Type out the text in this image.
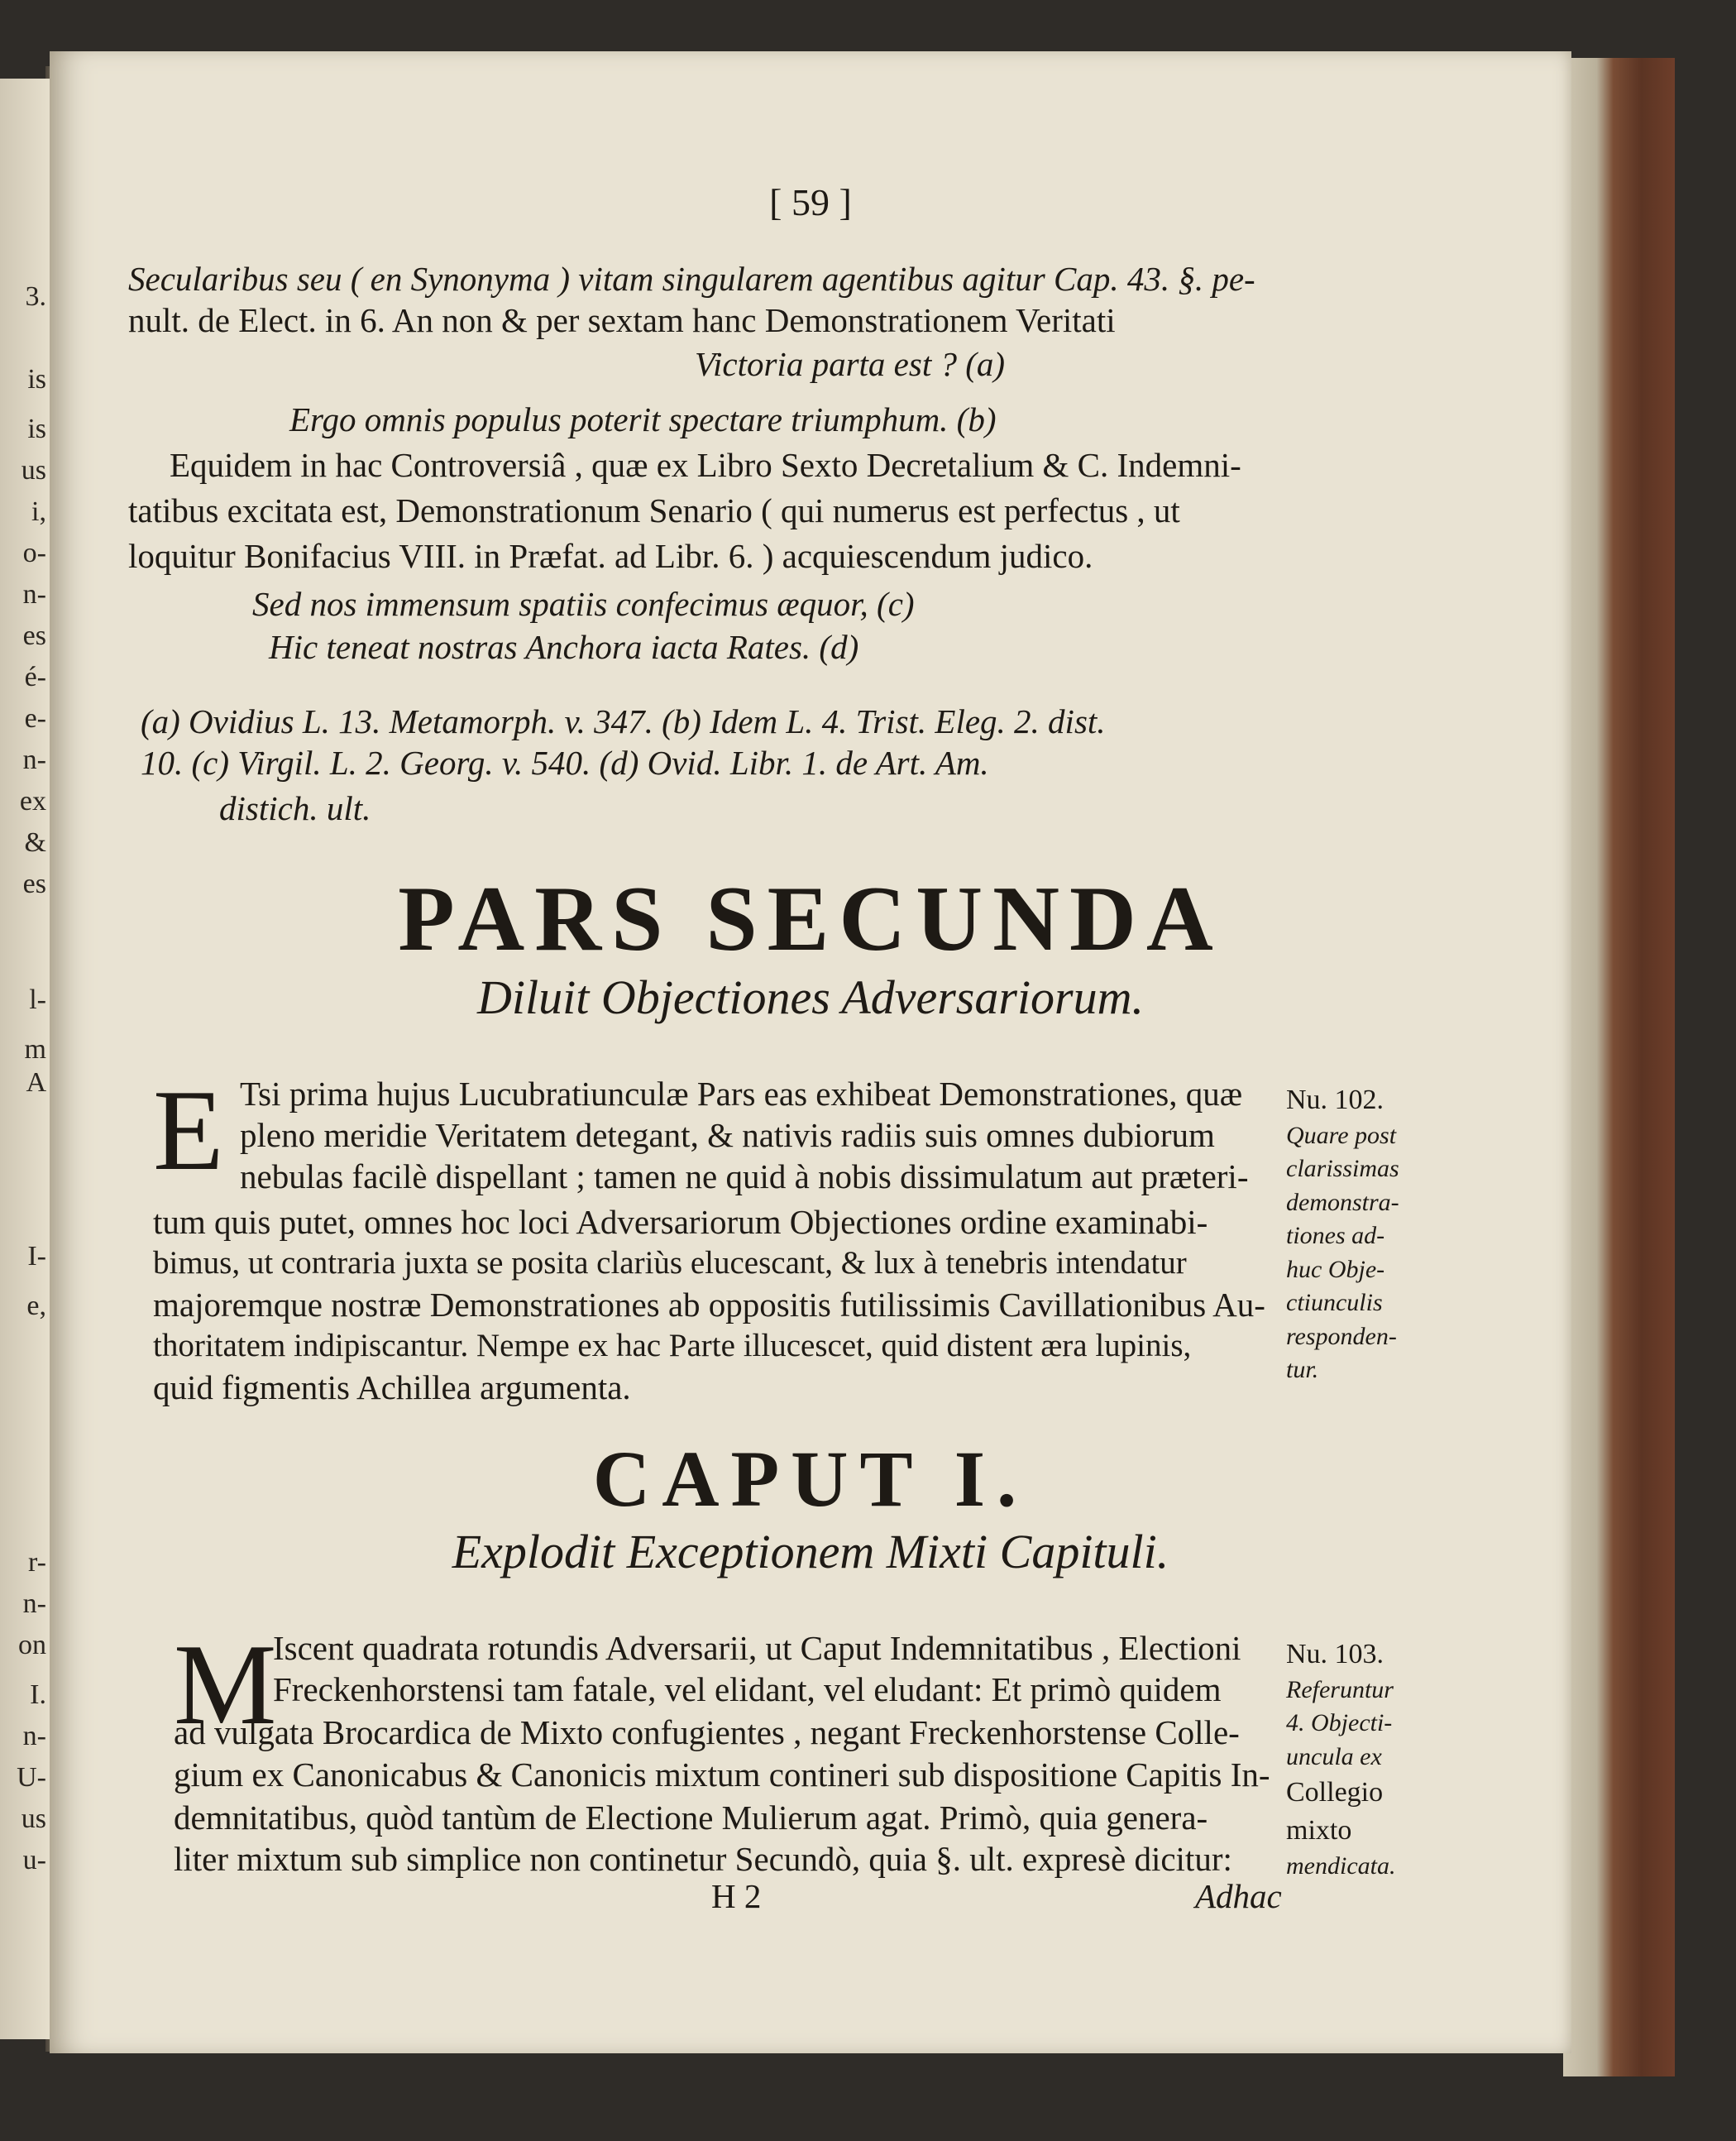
[ 59 ]
Secularibus seu ( en Synonyma ) vitam singularem agentibus agitur Cap. 43. §. pe-
nult. de Elect. in 6. An non & per sextam hanc Demonstrationem Veritati
Victoria parta est ? (a)
Ergo omnis populus poterit spectare triumphum. (b)
Equidem in hac Controversiâ , quæ ex Libro Sexto Decretalium & C. Indemni-
tatibus excitata est, Demonstrationum Senario ( qui numerus est perfectus , ut
loquitur Bonifacius VIII. in Præfat. ad Libr. 6. ) acquiescendum judico.
Sed nos immensum spatiis confecimus æquor, (c)
Hic teneat nostras Anchora iacta Rates. (d)
(a) Ovidius L. 13. Metamorph. v. 347. (b) Idem L. 4. Trist. Eleg. 2. dist.
10. (c) Virgil. L. 2. Georg. v. 540. (d) Ovid. Libr. 1. de Art. Am.
distich. ult.
PARS SECUNDA
Diluit Objectiones Adversariorum.
E Tsi prima hujus Lucubratiunculæ Pars eas exhibeat Demonstrationes, quæ
pleno meridie Veritatem detegant, & nativis radiis suis omnes dubiorum
nebulas facilè dispellant ; tamen ne quid à nobis dissimulatum aut præteri-
tum quis putet, omnes hoc loci Adversariorum Objectiones ordine examinabi-
bimus, ut contraria juxta se posita clariùs elucescant, & lux à tenebris intendatur
majoremque nostræ Demonstrationes ab oppositis futilissimis Cavillationibus Au-
thoritatem indipiscantur. Nempe ex hac Parte illucescet, quid distent æra lupinis,
quid figmentis Achillea argumenta.
Nu. 102.
Quare post
clarissimas
demonstra-
tiones ad-
huc Obje-
ctiunculis
responden-
tur.
CAPUT I.
Explodit Exceptionem Mixti Capituli.
M
Iscent quadrata rotundis Adversarii, ut Caput Indemnitatibus , Electioni
Freckenhorstensi tam fatale, vel elidant, vel eludant: Et primò quidem
ad vulgata Brocardica de Mixto confugientes , negant Freckenhorstense Colle-
gium ex Canonicabus & Canonicis mixtum contineri sub dispositione Capitis In-
demnitatibus, quòd tantùm de Electione Mulierum agat. Primò, quia genera-
liter mixtum sub simplice non continetur Secundò, quia §. ult. expresè dicitur:
Nu. 103.
Referuntur
4. Objecti-
uncula ex
Collegio
mixto
mendicata.
H 2	Adhac
3.
is
is
us
i,
o-
n-
es
é-
e-
n-
ex
&
es
l-
m
A
I-
e,
r-
n-
on
I.
n-
U-
us
u-
